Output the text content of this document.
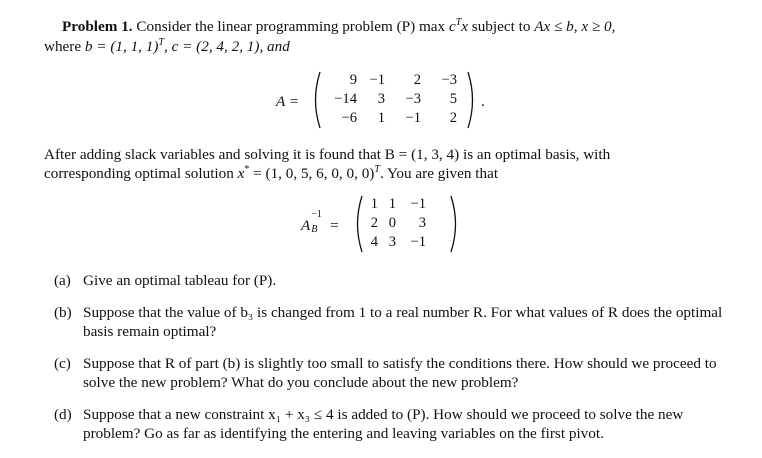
Problem 1. Consider the linear programming problem (P) $\max c^Tx$ subject to Ax ≤ b, x ≥ 0,
where b = (1, 1, 1)$^T$, c = (2, 4, 2, 1), and
A =
9	−1	2	−3
−14	3	−3	5
−6	1	−1	2
.
After adding slack variables and solving it is found that B = (1, 3, 4) is an optimal basis, with
corresponding optimal solution x* = (1, 0, 5, 6, 0, 0, 0)$^T$. You are given that
A
−1
B =
1	1	−1
2	0	3
4	3	−1
(a) Give an optimal tableau for (P).
(b) Suppose that the value of b₃ is changed from 1 to a real number R. For what values of R does the optimal basis remain optimal?
(c) Suppose that R of part (b) is slightly too small to satisfy the conditions there. How should we proceed to solve the new problem? What do you conclude about the new problem?
(d) Suppose that a new constraint x₁ + x₃ ≤ 4 is added to (P). How should we proceed to solve the new problem? Go as far as identifying the entering and leaving variables on the first pivot.
